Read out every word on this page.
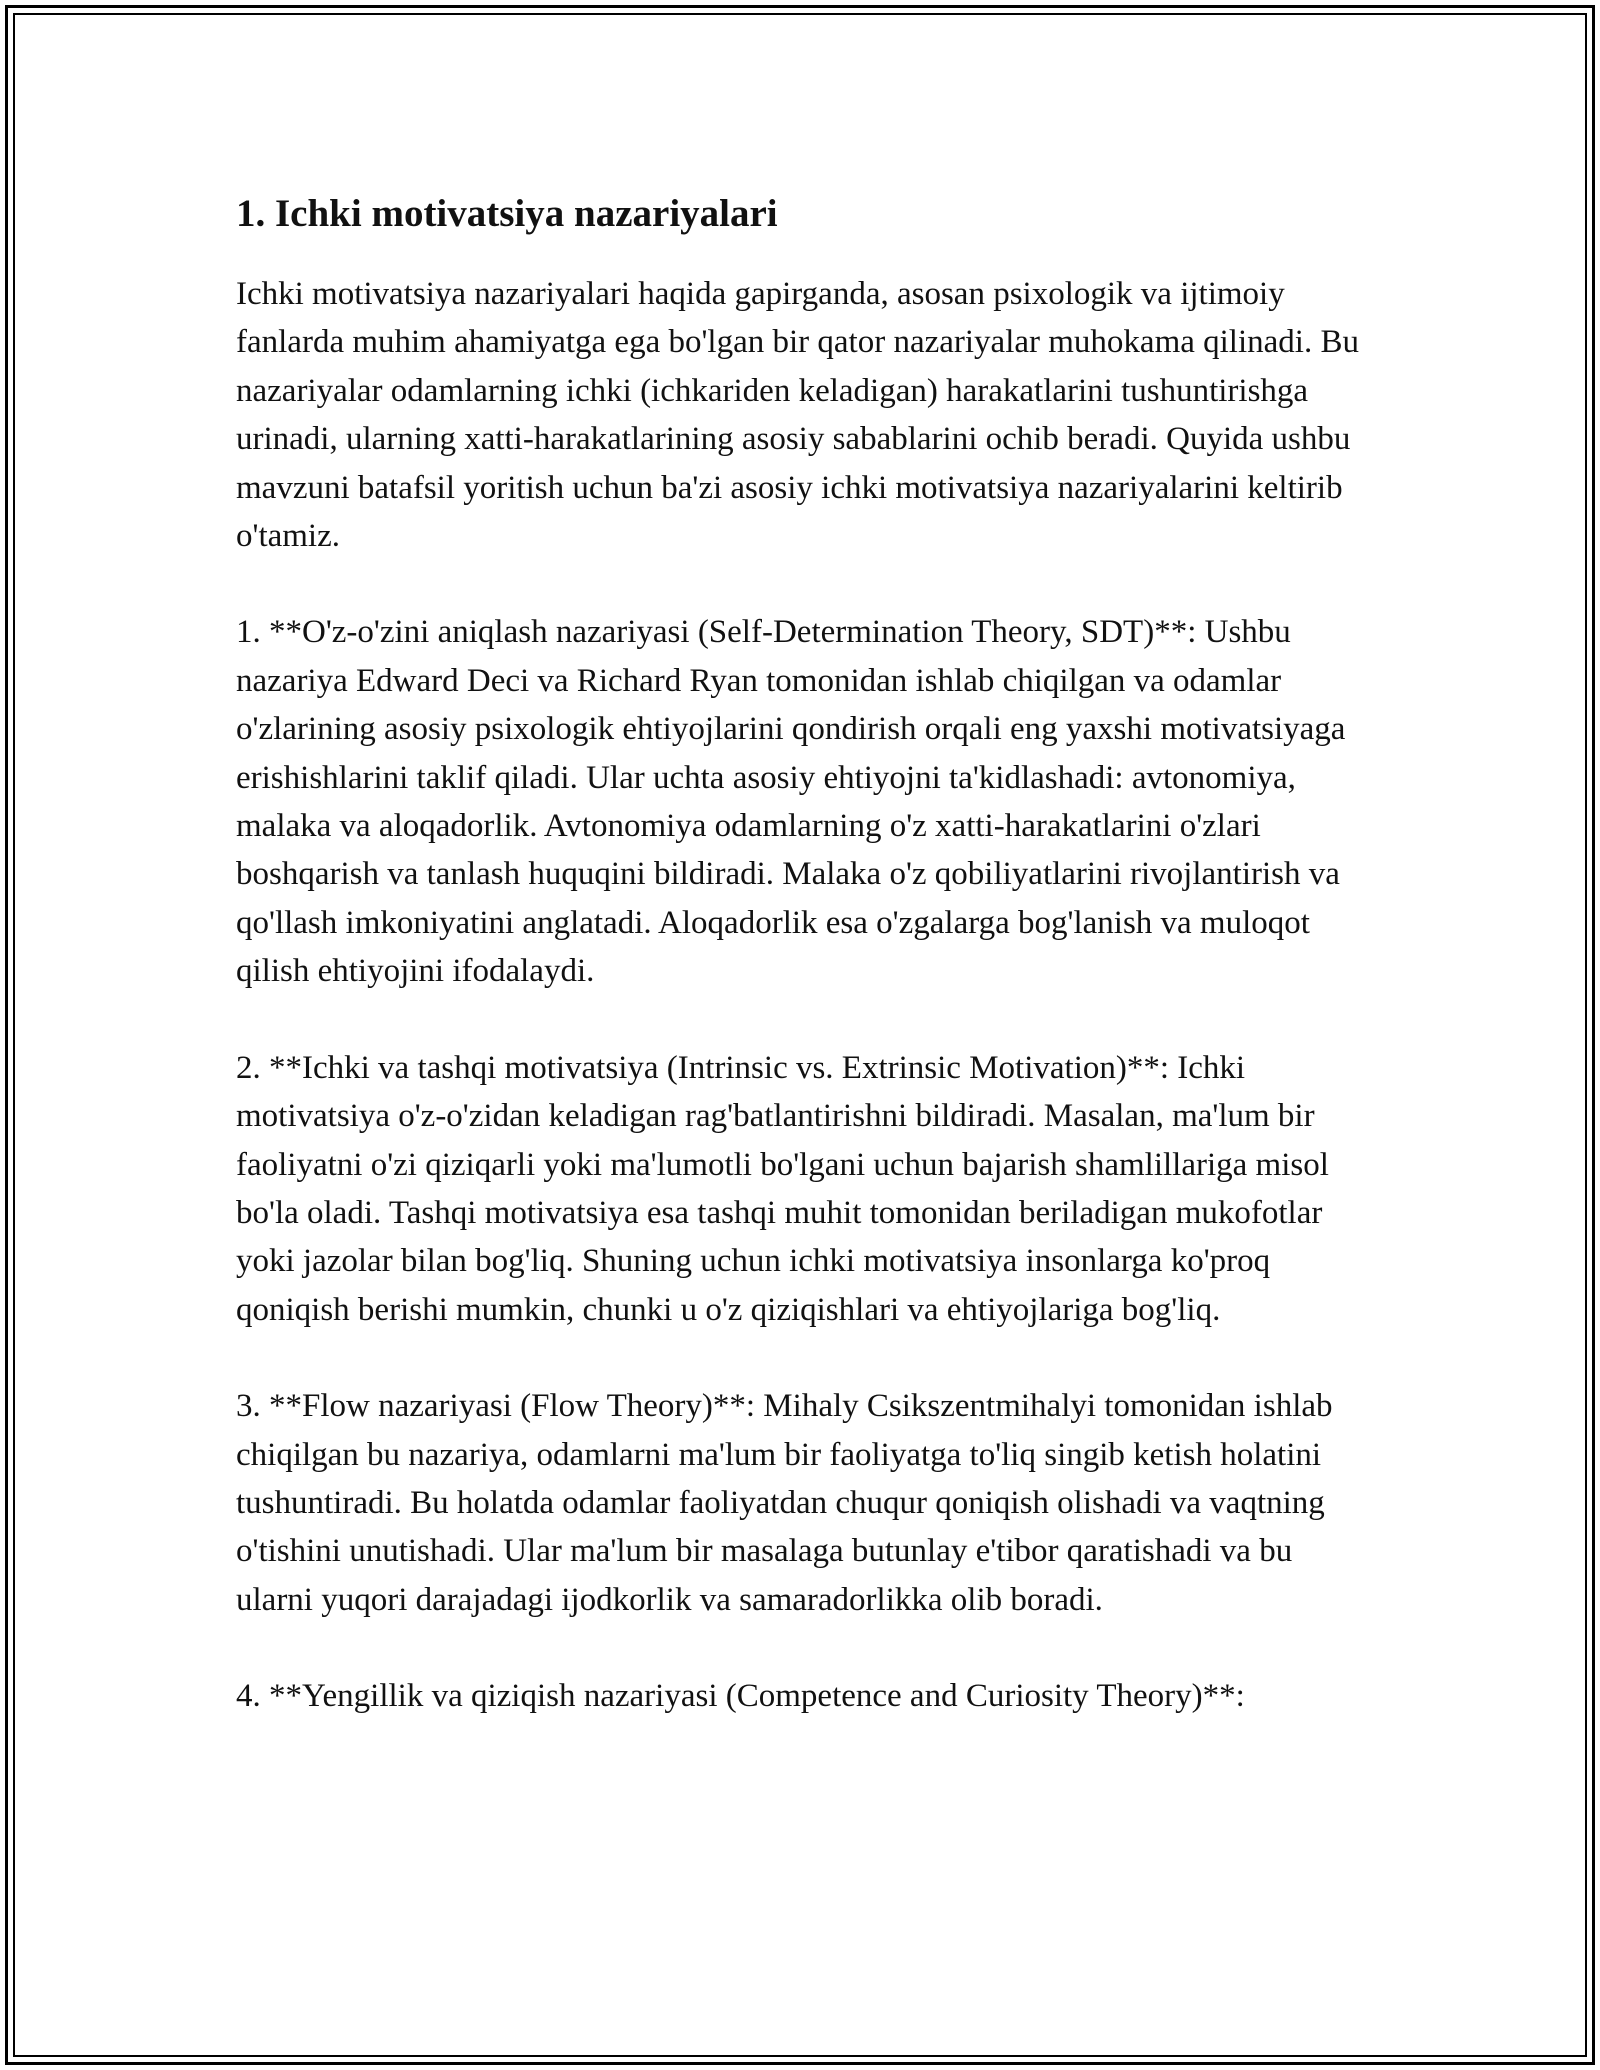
1. Ichki motivatsiya nazariyalari

Ichki motivatsiya nazariyalari haqida gapirganda, asosan psixologik va ijtimoiy fanlarda muhim ahamiyatga ega bo'lgan bir qator nazariyalar muhokama qilinadi. Bu nazariyalar odamlarning ichki (ichkariden keladigan) harakatlarini tushuntirishga urinadi, ularning xatti-harakatlarining asosiy sabablarini ochib beradi. Quyida ushbu mavzuni batafsil yoritish uchun ba'zi asosiy ichki motivatsiya nazariyalarini keltirib o'tamiz.

1. **O'z-o'zini aniqlash nazariyasi (Self-Determination Theory, SDT)**: Ushbu nazariya Edward Deci va Richard Ryan tomonidan ishlab chiqilgan va odamlar o'zlarining asosiy psixologik ehtiyojlarini qondirish orqali eng yaxshi motivatsiyaga erishishlarini taklif qiladi. Ular uchta asosiy ehtiyojni ta'kidlashadi: avtonomiya, malaka va aloqadorlik. Avtonomiya odamlarning o'z xatti-harakatlarini o'zlari boshqarish va tanlash huquqini bildiradi. Malaka o'z qobiliyatlarini rivojlantirish va qo'llash imkoniyatini anglatadi. Aloqadorlik esa o'zgalarga bog'lanish va muloqot qilish ehtiyojini ifodalaydi.

2. **Ichki va tashqi motivatsiya (Intrinsic vs. Extrinsic Motivation)**: Ichki motivatsiya o'z-o'zidan keladigan rag'batlantirishni bildiradi. Masalan, ma'lum bir faoliyatni o'zi qiziqarli yoki ma'lumotli bo'lgani uchun bajarish shamlillariga misol bo'la oladi. Tashqi motivatsiya esa tashqi muhit tomonidan beriladigan mukofotlar yoki jazolar bilan bog'liq. Shuning uchun ichki motivatsiya insonlarga ko'proq qoniqish berishi mumkin, chunki u o'z qiziqishlari va ehtiyojlariga bog'liq.

3. **Flow nazariyasi (Flow Theory)**: Mihaly Csikszentmihalyi tomonidan ishlab chiqilgan bu nazariya, odamlarni ma'lum bir faoliyatga to'liq singib ketish holatini tushuntiradi. Bu holatda odamlar faoliyatdan chuqur qoniqish olishadi va vaqtning o'tishini unutishadi. Ular ma'lum bir masalaga butunlay e'tibor qaratishadi va bu ularni yuqori darajadagi ijodkorlik va samaradorlikka olib boradi.

4. **Yengillik va qiziqish nazariyasi (Competence and Curiosity Theory)**:
